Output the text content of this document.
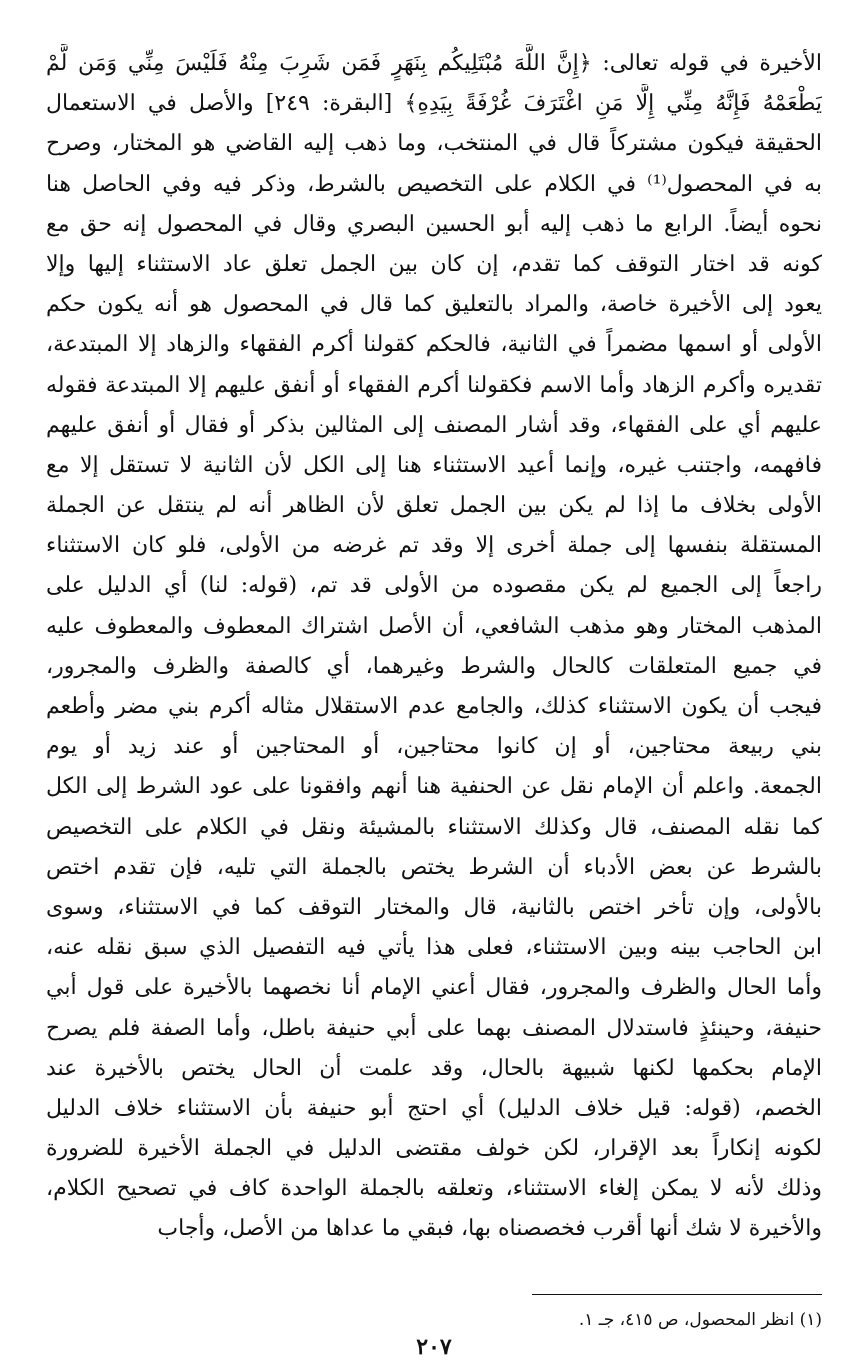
الأخيرة في قوله تعالى: ﴿إِنَّ اللَّهَ مُبْتَلِيكُم بِنَهَرٍ فَمَن شَرِبَ مِنْهُ فَلَيْسَ مِنِّي وَمَن لَّمْ
يَطْعَمْهُ فَإِنَّهُ مِنِّي إِلَّا مَنِ اغْتَرَفَ غُرْفَةً بِيَدِهِ﴾ [البقرة: ٢٤٩] والأصل في الاستعمال
الحقيقة فيكون مشتركاً قال في المنتخب، وما ذهب إليه القاضي هو المختار، وصرح
به في المحصول⁽¹⁾ في الكلام على التخصيص بالشرط، وذكر فيه وفي الحاصل هنا
نحوه أيضاً. الرابع ما ذهب إليه أبو الحسين البصري وقال في المحصول إنه حق مع
كونه قد اختار التوقف كما تقدم، إن كان بين الجمل تعلق عاد الاستثناء إليها وإلا
يعود إلى الأخيرة خاصة، والمراد بالتعليق كما قال في المحصول هو أنه يكون حكم
الأولى أو اسمها مضمراً في الثانية، فالحكم كقولنا أكرم الفقهاء والزهاد إلا المبتدعة،
تقديره وأكرم الزهاد وأما الاسم فكقولنا أكرم الفقهاء أو أنفق عليهم إلا المبتدعة فقوله
عليهم أي على الفقهاء، وقد أشار المصنف إلى المثالين بذكر أو فقال أو أنفق عليهم
فافهمه، واجتنب غيره، وإنما أعيد الاستثناء هنا إلى الكل لأن الثانية لا تستقل إلا مع
الأولى بخلاف ما إذا لم يكن بين الجمل تعلق لأن الظاهر أنه لم ينتقل عن الجملة
المستقلة بنفسها إلى جملة أخرى إلا وقد تم غرضه من الأولى، فلو كان الاستثناء
راجعاً إلى الجميع لم يكن مقصوده من الأولى قد تم، (قوله: لنا) أي الدليل على
المذهب المختار وهو مذهب الشافعي، أن الأصل اشتراك المعطوف والمعطوف عليه
في جميع المتعلقات كالحال والشرط وغيرهما، أي كالصفة والظرف والمجرور،
فيجب أن يكون الاستثناء كذلك، والجامع عدم الاستقلال مثاله أكرم بني مضر وأطعم
بني ربيعة محتاجين، أو إن كانوا محتاجين، أو المحتاجين أو عند زيد أو يوم
الجمعة. واعلم أن الإمام نقل عن الحنفية هنا أنهم وافقونا على عود الشرط إلى الكل
كما نقله المصنف، قال وكذلك الاستثناء بالمشيئة ونقل في الكلام على التخصيص
بالشرط عن بعض الأدباء أن الشرط يختص بالجملة التي تليه، فإن تقدم اختص
بالأولى، وإن تأخر اختص بالثانية، قال والمختار التوقف كما في الاستثناء، وسوى
ابن الحاجب بينه وبين الاستثناء، فعلى هذا يأتي فيه التفصيل الذي سبق نقله عنه،
وأما الحال والظرف والمجرور، فقال أعني الإمام أنا نخصهما بالأخيرة على قول أبي
حنيفة، وحينئذٍ فاستدلال المصنف بهما على أبي حنيفة باطل، وأما الصفة فلم يصرح
الإمام بحكمها لكنها شبيهة بالحال، وقد علمت أن الحال يختص بالأخيرة عند
الخصم، (قوله: قيل خلاف الدليل) أي احتج أبو حنيفة بأن الاستثناء خلاف الدليل
لكونه إنكاراً بعد الإقرار، لكن خولف مقتضى الدليل في الجملة الأخيرة للضرورة
وذلك لأنه لا يمكن إلغاء الاستثناء، وتعلقه بالجملة الواحدة كاف في تصحيح الكلام،
والأخيرة لا شك أنها أقرب فخصصناه بها، فبقي ما عداها من الأصل، وأجاب
(١) انظر المحصول، ص ٤١٥، جـ ١.
٢٠٧
